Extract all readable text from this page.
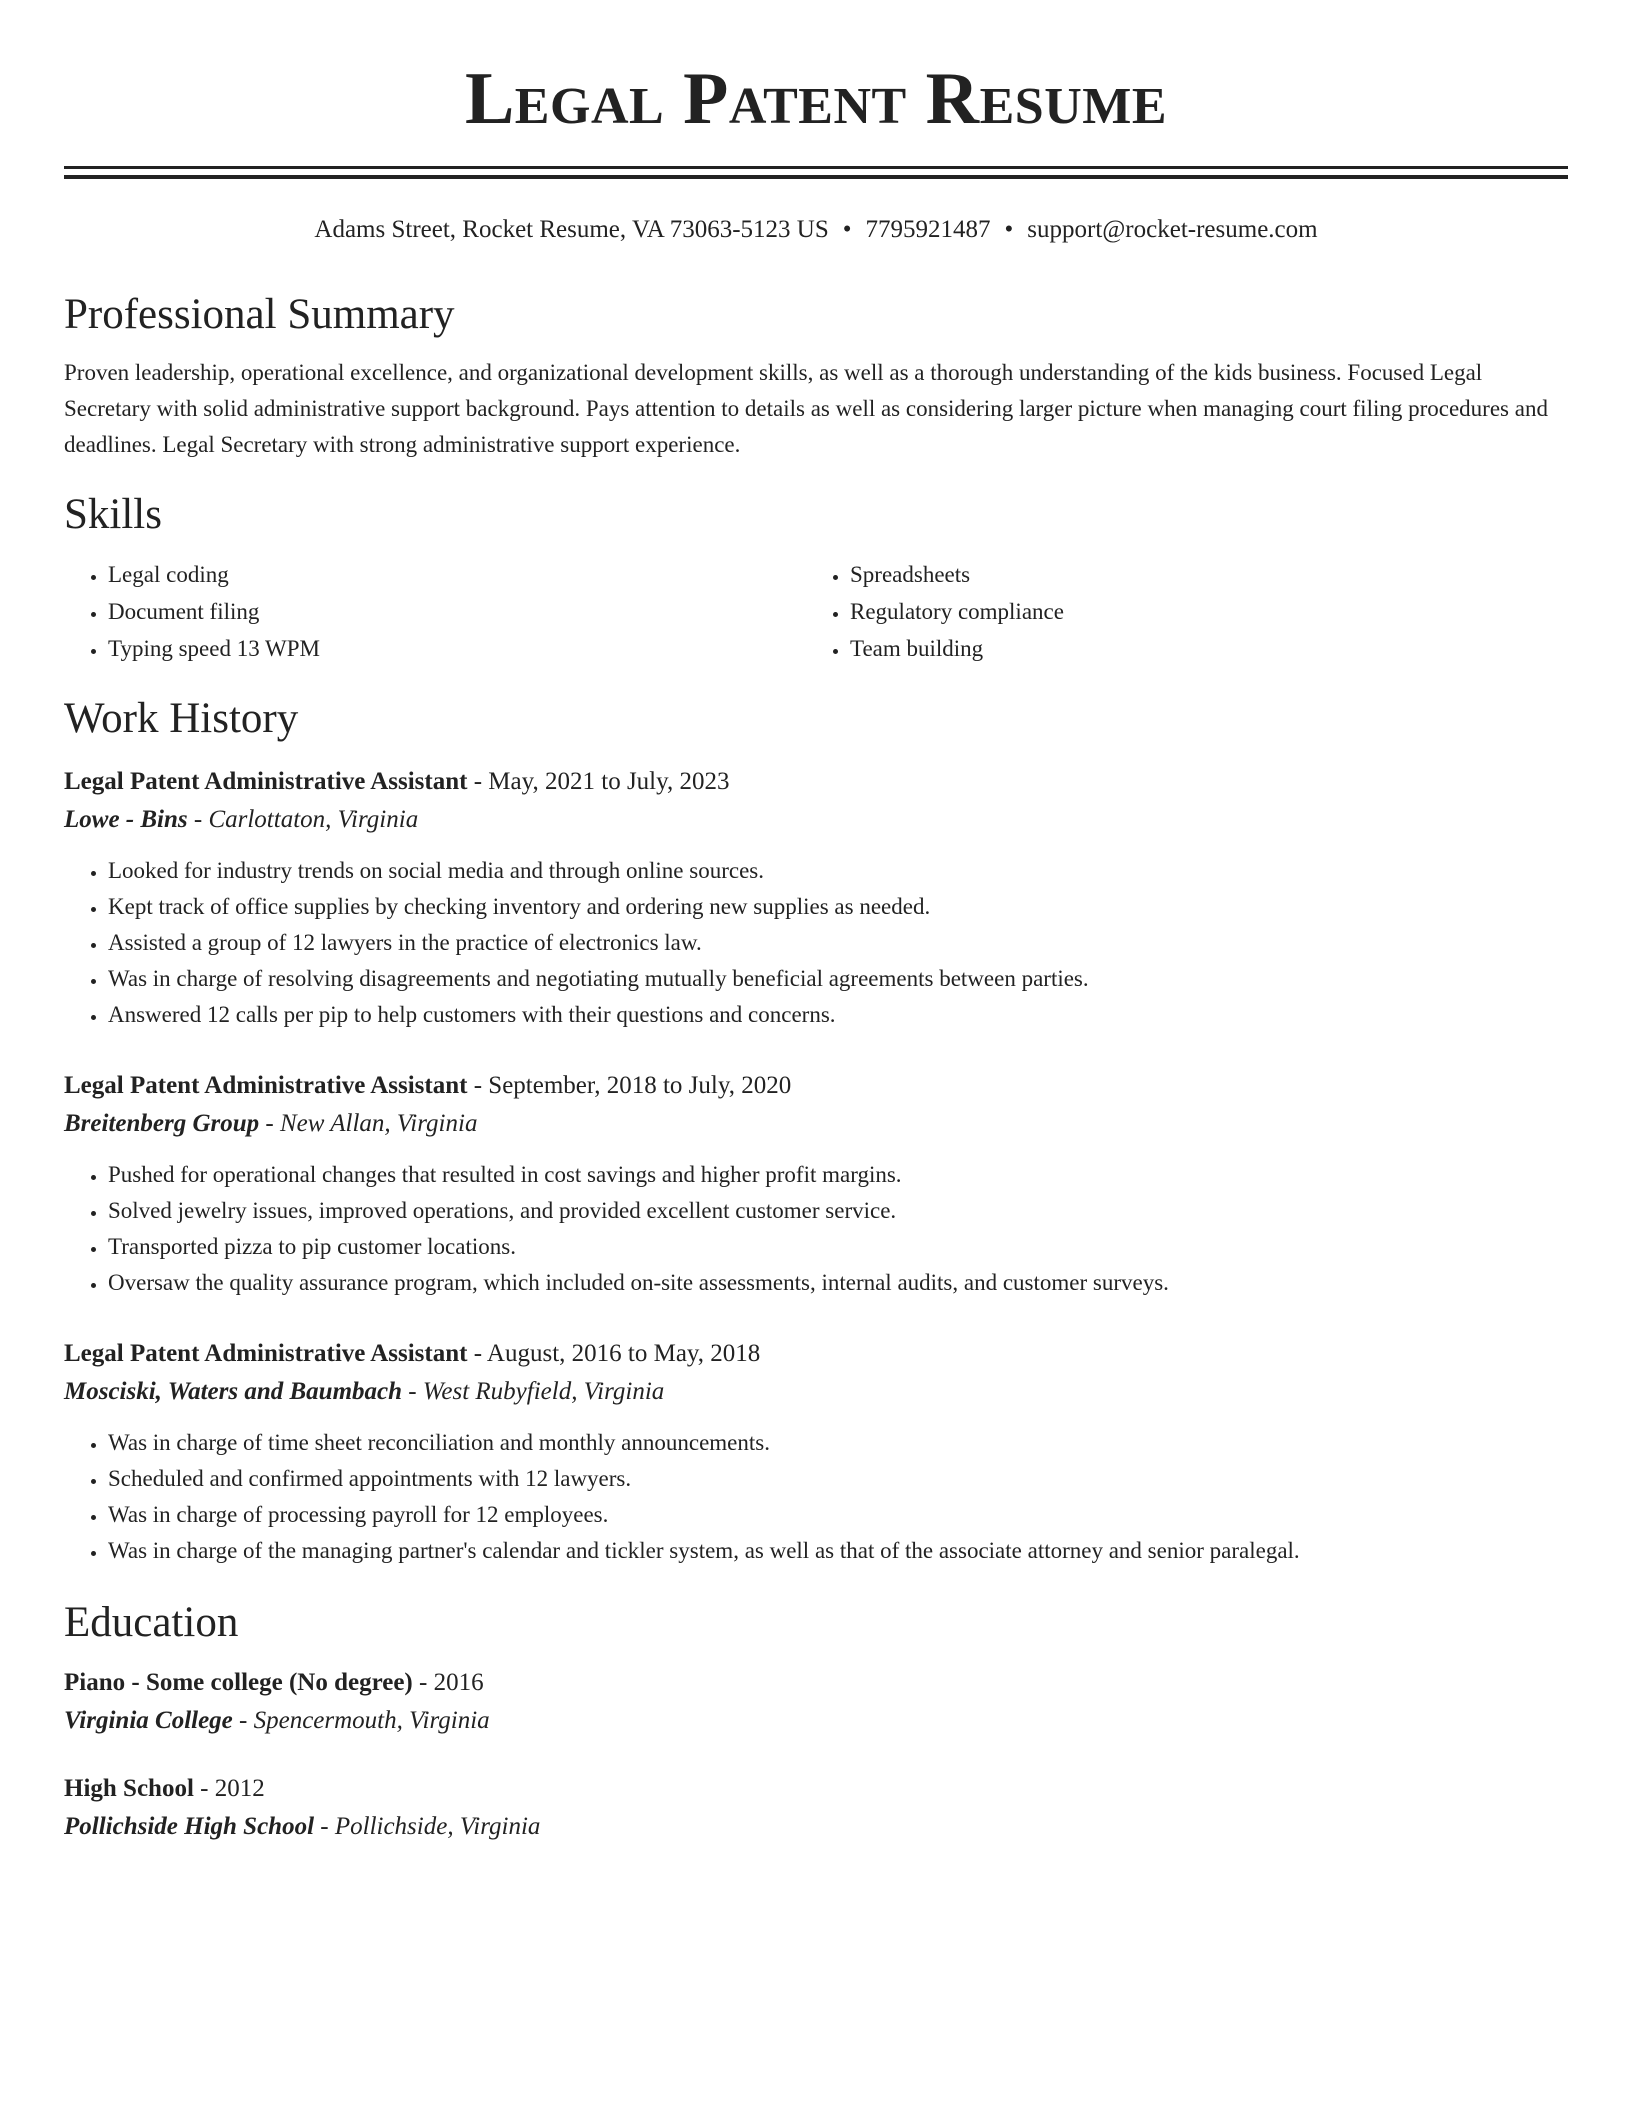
Legal Patent Resume
Adams Street, Rocket Resume, VA 73063-5123 US • 7795921487 • support@rocket-resume.com
Professional Summary
Proven leadership, operational excellence, and organizational development skills, as well as a thorough understanding of the kids business. Focused Legal Secretary with solid administrative support background. Pays attention to details as well as considering larger picture when managing court filing procedures and deadlines. Legal Secretary with strong administrative support experience.
Skills
• Legal coding
• Document filing
• Typing speed 13 WPM
• Spreadsheets
• Regulatory compliance
• Team building
Work History
Legal Patent Administrative Assistant - May, 2021 to July, 2023
Lowe - Bins - Carlottaton, Virginia
• Looked for industry trends on social media and through online sources.
• Kept track of office supplies by checking inventory and ordering new supplies as needed.
• Assisted a group of 12 lawyers in the practice of electronics law.
• Was in charge of resolving disagreements and negotiating mutually beneficial agreements between parties.
• Answered 12 calls per pip to help customers with their questions and concerns.
Legal Patent Administrative Assistant - September, 2018 to July, 2020
Breitenberg Group - New Allan, Virginia
• Pushed for operational changes that resulted in cost savings and higher profit margins.
• Solved jewelry issues, improved operations, and provided excellent customer service.
• Transported pizza to pip customer locations.
• Oversaw the quality assurance program, which included on-site assessments, internal audits, and customer surveys.
Legal Patent Administrative Assistant - August, 2016 to May, 2018
Mosciski, Waters and Baumbach - West Rubyfield, Virginia
• Was in charge of time sheet reconciliation and monthly announcements.
• Scheduled and confirmed appointments with 12 lawyers.
• Was in charge of processing payroll for 12 employees.
• Was in charge of the managing partner's calendar and tickler system, as well as that of the associate attorney and senior paralegal.
Education
Piano - Some college (No degree) - 2016
Virginia College - Spencermouth, Virginia
High School - 2012
Pollichside High School - Pollichside, Virginia
